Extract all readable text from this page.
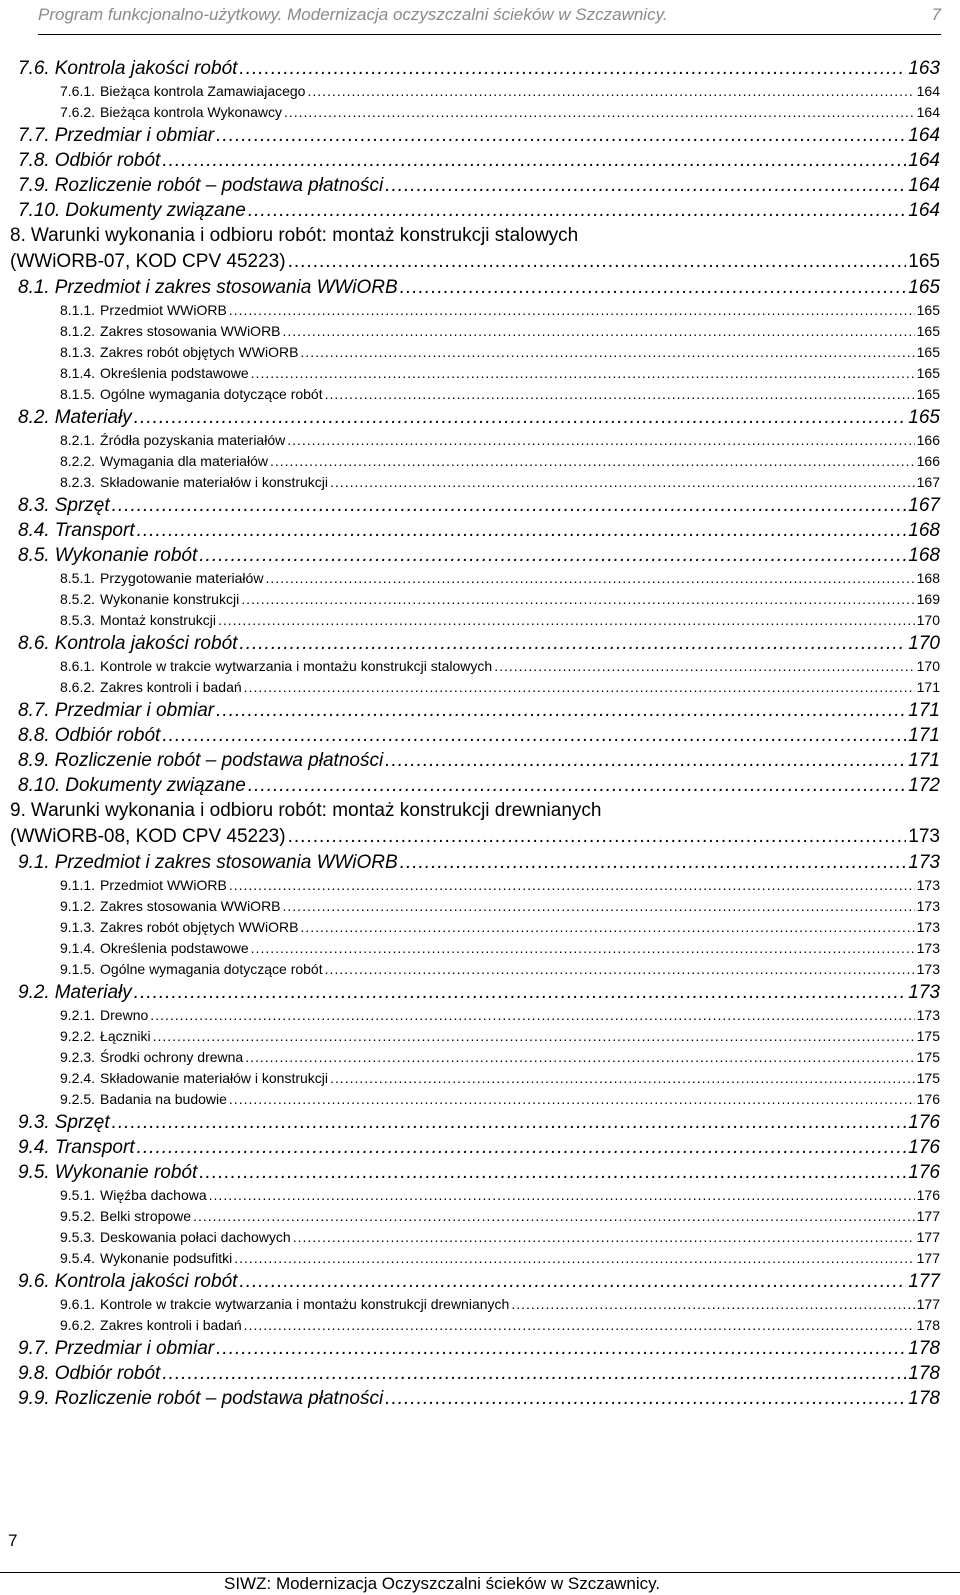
Program funkcjonalno-użytkowy. Modernizacja oczyszczalni ścieków w Szczawnicy.	7
7.6. Kontrola jakości robót .....	163
7.6.1. Bieżąca kontrola Zamawiajacego .....	164
7.6.2. Bieżąca kontrola Wykonawcy .....	164
7.7. Przedmiar i obmiar .....	164
7.8. Odbiór robót .....	164
7.9. Rozliczenie robót – podstawa płatności .....	164
7.10. Dokumenty związane .....	164
8. Warunki wykonania i odbioru robót: montaż konstrukcji stalowych
(WWiORB-07, KOD CPV 45223) .....	165
8.1. Przedmiot i zakres stosowania WWiORB .....	165
8.1.1. Przedmiot WWiORB .....	165
8.1.2. Zakres stosowania WWiORB .....	165
8.1.3. Zakres robót objętych WWiORB .....	165
8.1.4. Określenia podstawowe .....	165
8.1.5. Ogólne wymagania dotyczące robót .....	165
8.2. Materiały .....	165
8.2.1. Źródła pozyskania materiałów .....	166
8.2.2. Wymagania dla materiałów .....	166
8.2.3. Składowanie materiałów i konstrukcji .....	167
8.3. Sprzęt .....	167
8.4. Transport .....	168
8.5. Wykonanie robót .....	168
8.5.1. Przygotowanie materiałów .....	168
8.5.2. Wykonanie konstrukcji .....	169
8.5.3. Montaż konstrukcji .....	170
8.6. Kontrola jakości robót .....	170
8.6.1. Kontrole w trakcie wytwarzania i montażu konstrukcji stalowych .....	170
8.6.2. Zakres kontroli i badań .....	171
8.7. Przedmiar i obmiar .....	171
8.8. Odbiór robót .....	171
8.9. Rozliczenie robót – podstawa płatności .....	171
8.10. Dokumenty związane .....	172
9. Warunki wykonania i odbioru robót: montaż konstrukcji drewnianych
(WWiORB-08, KOD CPV 45223) .....	173
9.1. Przedmiot i zakres stosowania WWiORB .....	173
9.1.1. Przedmiot WWiORB .....	173
9.1.2. Zakres stosowania WWiORB .....	173
9.1.3. Zakres robót objętych WWiORB .....	173
9.1.4. Określenia podstawowe .....	173
9.1.5. Ogólne wymagania dotyczące robót .....	173
9.2. Materiały .....	173
9.2.1. Drewno .....	173
9.2.2. Łączniki .....	175
9.2.3. Środki ochrony drewna .....	175
9.2.4. Składowanie materiałów i konstrukcji .....	175
9.2.5. Badania na budowie .....	176
9.3. Sprzęt .....	176
9.4. Transport .....	176
9.5. Wykonanie robót .....	176
9.5.1. Więźba dachowa .....	176
9.5.2. Belki stropowe .....	177
9.5.3. Deskowania połaci dachowych .....	177
9.5.4. Wykonanie podsufitki .....	177
9.6. Kontrola jakości robót .....	177
9.6.1. Kontrole w trakcie wytwarzania i montażu konstrukcji drewnianych .....	177
9.6.2. Zakres kontroli i badań .....	178
9.7. Przedmiar i obmiar .....	178
9.8. Odbiór robót .....	178
9.9. Rozliczenie robót – podstawa płatności .....	178
7
SIWZ: Modernizacja Oczyszczalni ścieków w Szczawnicy.
